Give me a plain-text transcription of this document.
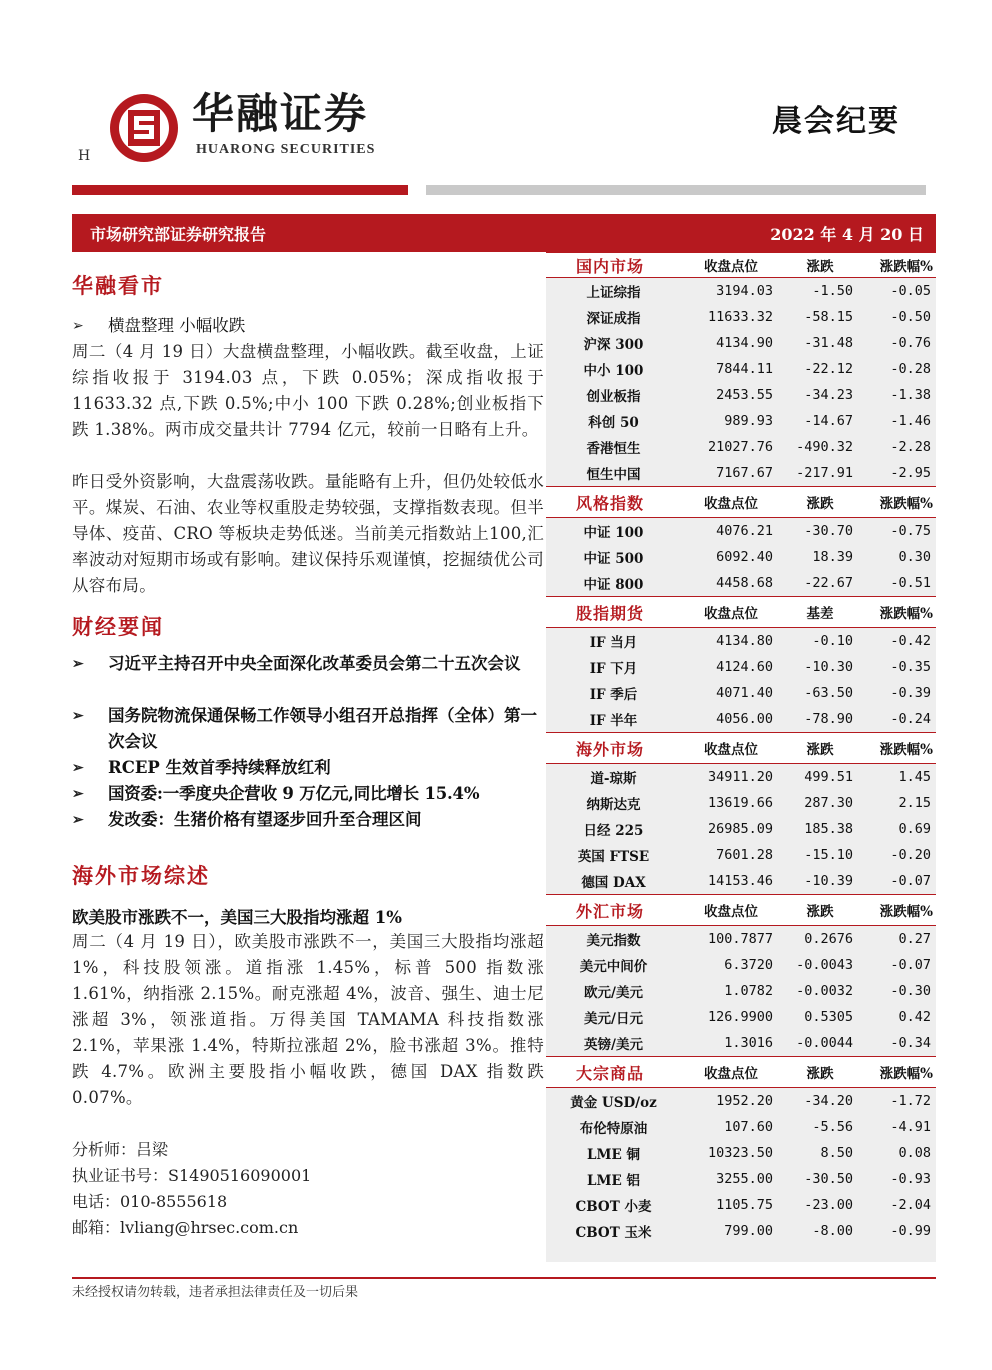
华融证券
HUARONG SECURITIES
晨会纪要
H
市场研究部证券研究报告	2022 年 4 月 20 日
国内市场	收盘点位	涨跌	涨跌幅%
上证综指	3194.03	-1.50	-0.05
深证成指	11633.32	-58.15	-0.50
沪深 300	4134.90	-31.48	-0.76
中小 100	7844.11	-22.12	-0.28
创业板指	2453.55	-34.23	-1.38
科创 50	989.93	-14.67	-1.46
香港恒生	21027.76	-490.32	-2.28
恒生中国	7167.67	-217.91	-2.95
风格指数	收盘点位	涨跌	涨跌幅%
中证 100	4076.21	-30.70	-0.75
中证 500	6092.40	18.39	0.30
中证 800	4458.68	-22.67	-0.51
股指期货	收盘点位	基差	涨跌幅%
IF 当月	4134.80	-0.10	-0.42
IF 下月	4124.60	-10.30	-0.35
IF 季后	4071.40	-63.50	-0.39
IF 半年	4056.00	-78.90	-0.24
海外市场	收盘点位	涨跌	涨跌幅%
道-琼斯	34911.20	499.51	1.45
纳斯达克	13619.66	287.30	2.15
日经 225	26985.09	185.38	0.69
英国 FTSE	7601.28	-15.10	-0.20
德国 DAX	14153.46	-10.39	-0.07
外汇市场	收盘点位	涨跌	涨跌幅%
美元指数	100.7877	0.2676	0.27
美元中间价	6.3720	-0.0043	-0.07
欧元/美元	1.0782	-0.0032	-0.30
美元/日元	126.9900	0.5305	0.42
英镑/美元	1.3016	-0.0044	-0.34
大宗商品	收盘点位	涨跌	涨跌幅%
黄金 USD/oz	1952.20	-34.20	-1.72
布伦特原油	107.60	-5.56	-4.91
LME 铜	10323.50	8.50	0.08
LME 铝	3255.00	-30.50	-0.93
CBOT 小麦	1105.75	-23.00	-2.04
CBOT 玉米	799.00	-8.00	-0.99
华融看市
➢	横盘整理 小幅收跌
周二（4 月 19 日）大盘横盘整理，小幅收跌。截至收盘，上证综指收报于 3194.03 点，下跌 0.05%；深成指收报于 11633.32 点,下跌 0.5%;中小 100 下跌 0.28%;创业板指下跌 1.38%。两市成交量共计 7794 亿元，较前一日略有上升。
昨日受外资影响，大盘震荡收跌。量能略有上升，但仍处较低水平。煤炭、石油、农业等权重股走势较强，支撑指数表现。但半导体、疫苗、CRO 等板块走势低迷。当前美元指数站上100,汇率波动对短期市场或有影响。建议保持乐观谨慎，挖掘绩优公司从容布局。
财经要闻
➢	习近平主持召开中央全面深化改革委员会第二十五次会议
➢	国务院物流保通保畅工作领导小组召开总指挥（全体）第一次会议
➢	RCEP 生效首季持续释放红利
➢	国资委:一季度央企营收 9 万亿元,同比增长 15.4%
➢	发改委：生猪价格有望逐步回升至合理区间
海外市场综述
欧美股市涨跌不一，美国三大股指均涨超 1%
周二（4 月 19 日），欧美股市涨跌不一，美国三大股指均涨超 1%，科技股领涨。道指涨 1.45%，标普 500 指数涨 1.61%，纳指涨 2.15%。耐克涨超 4%，波音、强生、迪士尼涨超 3%，领涨道指。万得美国 TAMAMA 科技指数涨 2.1%，苹果涨 1.4%，特斯拉涨超 2%，脸书涨超 3%。推特跌 4.7%。欧洲主要股指小幅收跌，德国 DAX 指数跌 0.07%。
分析师：吕梁
执业证书号：S1490516090001
电话：010-8555618
邮箱：lvliang@hrsec.com.cn
未经授权请勿转载，违者承担法律责任及一切后果
